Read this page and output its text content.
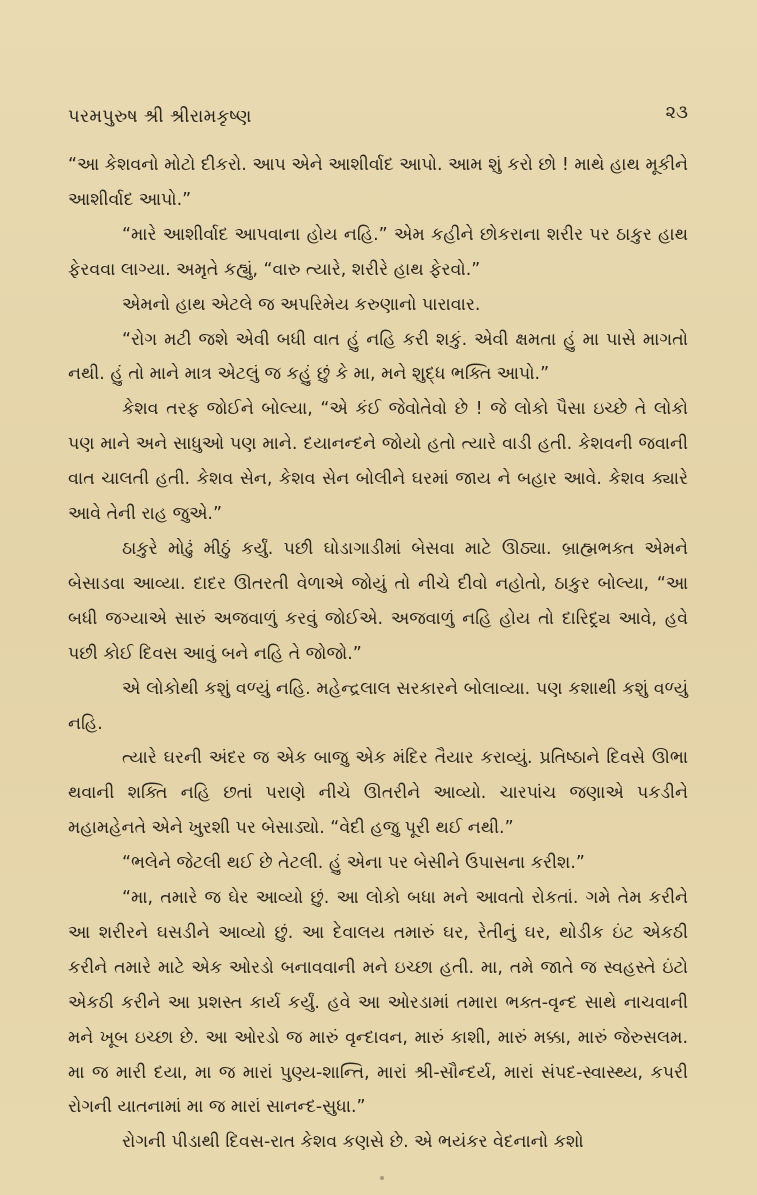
પરમપુરુષ શ્રી શ્રીરામકૃષ્ણ	૨૩

“આ કેશવનો મોટો દીકરો. આપ એને આશીર્વાદ આપો. આમ શું કરો છો ! માથે હાથ મૂકીને આશીર્વાદ આપો.”

“મારે આશીર્વાદ આપવાના હોય નહિ.” એમ કહીને છોકરાના શરીર પર ઠાકુર હાથ ફેરવવા લાગ્યા. અમૃતે કહ્યું, “વારુ ત્યારે, શરીરે હાથ ફેરવો.”

એમનો હાથ એટલે જ અપરિમેય કરુણાનો પારાવાર.

“રોગ મટી જશે એવી બધી વાત હું નહિ કરી શકું. એવી ક્ષમતા હું મા પાસે માગતો નથી. હું તો માને માત્ર એટલું જ કહું છું કે મા, મને શુદ્ધ ભક્તિ આપો.”

કેશવ તરફ જોઈને બોલ્યા, “એ કંઈ જેવોતેવો છે ! જે લોકો પૈસા ઇચ્છે તે લોકો પણ માને અને સાધુઓ પણ માને. દયાનન્દને જોયો હતો ત્યારે વાડી હતી. કેશવની જવાની વાત ચાલતી હતી. કેશવ સેન, કેશવ સેન બોલીને ઘરમાં જાય ને બહાર આવે. કેશવ ક્યારે આવે તેની રાહ જુએ.”

ઠાકુરે મોઢું મીઠું કર્યું. પછી ઘોડાગાડીમાં બેસવા માટે ઊઠ્યા. બ્રાહ્મભક્ત એમને બેસાડવા આવ્યા. દાદર ઊતરતી વેળાએ જોયું તો નીચે દીવો નહોતો, ઠાકુર બોલ્યા, “આ બધી જગ્યાએ સારું અજવાળું કરવું જોઈએ. અજવાળું નહિ હોય તો દારિદ્ર્ય આવે, હવે પછી કોઈ દિવસ આવું બને નહિ તે જોજો.”

એ લોકોથી કશું વળ્યું નહિ. મહેન્દ્રલાલ સરકારને બોલાવ્યા. પણ કશાથી કશું વળ્યું નહિ.

ત્યારે ઘરની અંદર જ એક બાજુ એક મંદિર તૈયાર કરાવ્યું. પ્રતિષ્ઠાને દિવસે ઊભા થવાની શક્તિ નહિ છતાં પરાણે નીચે ઊતરીને આવ્યો. ચારપાંચ જણાએ પકડીને મહામહેનતે એને ખુરશી પર બેસાડ્યો. “વેદી હજુ પૂરી થઈ નથી.”

“ભલેને જેટલી થઈ છે તેટલી. હું એના પર બેસીને ઉપાસના કરીશ.”

“મા, તમારે જ ઘેર આવ્યો છું. આ લોકો બધા મને આવતો રોકતાં. ગમે તેમ કરીને આ શરીરને ઘસડીને આવ્યો છું. આ દેવાલય તમારું ઘર, રેતીનું ઘર, થોડીક ઇંટ એકઠી કરીને તમારે માટે એક ઓરડો બનાવવાની મને ઇચ્છા હતી. મા, તમે જાતે જ સ્વહસ્તે ઇંટો એકઠી કરીને આ પ્રશસ્ત કાર્ય કર્યું. હવે આ ઓરડામાં તમારા ભક્ત-વૃન્દ સાથે નાચવાની મને ખૂબ ઇચ્છા છે. આ ઓરડો જ મારું વૃન્દાવન, મારું કાશી, મારું મક્કા, મારું જેરુસલમ. મા જ મારી દયા, મા જ મારાં પુણ્ય-શાન્તિ, મારાં શ્રી-સૌન્દર્ય, મારાં સંપદ-સ્વાસ્થ્ય, કપરી રોગની યાતનામાં મા જ મારાં સાનન્દ-સુધા.”

રોગની પીડાથી દિવસ-રાત કેશવ કણસે છે. એ ભયંકર વેદનાનો કશો
